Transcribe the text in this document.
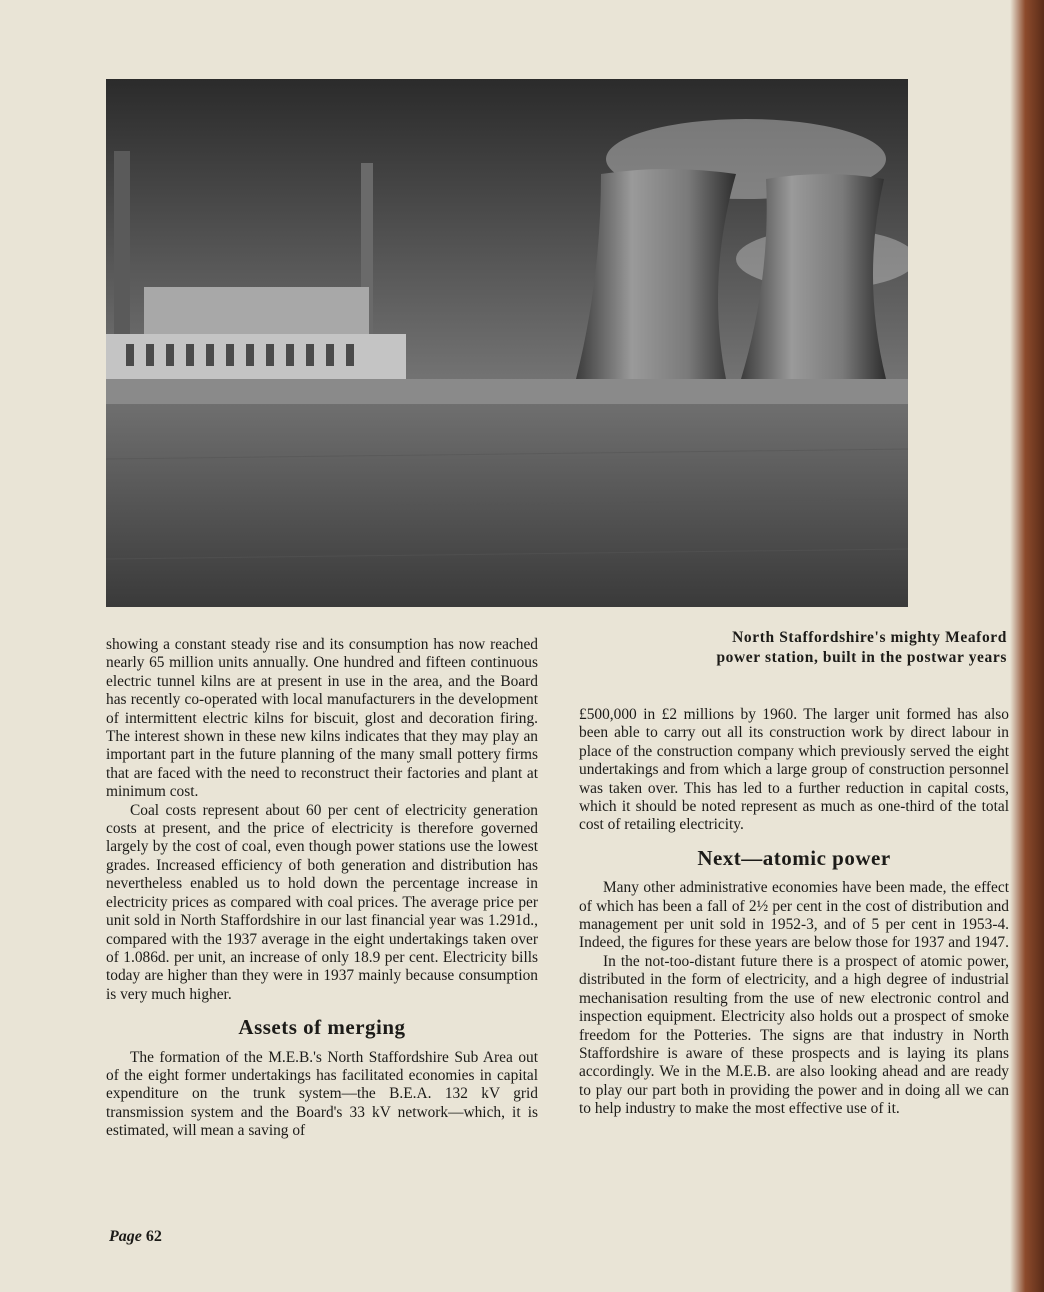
North Staffordshire's mighty Meaford
power station, built in the postwar years

showing a constant steady rise and its consumption has now reached nearly 65 million units annually. One hundred and fifteen continuous electric tunnel kilns are at present in use in the area, and the Board has recently co-operated with local manufacturers in the development of intermittent electric kilns for biscuit, glost and decoration firing. The interest shown in these new kilns indicates that they may play an important part in the future planning of the many small pottery firms that are faced with the need to reconstruct their factories and plant at minimum cost.

Coal costs represent about 60 per cent of electricity generation costs at present, and the price of electricity is therefore governed largely by the cost of coal, even though power stations use the lowest grades. Increased efficiency of both generation and distribution has nevertheless enabled us to hold down the percentage increase in electricity prices as compared with coal prices. The average price per unit sold in North Staffordshire in our last financial year was 1.291d., compared with the 1937 average in the eight undertakings taken over of 1.086d. per unit, an increase of only 18.9 per cent. Electricity bills today are higher than they were in 1937 mainly because consumption is very much higher.

Assets of merging

The formation of the M.E.B.'s North Staffordshire Sub Area out of the eight former undertakings has facilitated economies in capital expenditure on the trunk system—the B.E.A. 132 kV grid transmission system and the Board's 33 kV network—which, it is estimated, will mean a saving of

£500,000 in £2 millions by 1960. The larger unit formed has also been able to carry out all its construction work by direct labour in place of the construction company which previously served the eight undertakings and from which a large group of construction personnel was taken over. This has led to a further reduction in capital costs, which it should be noted represent as much as one-third of the total cost of retailing electricity.

Next—atomic power

Many other administrative economies have been made, the effect of which has been a fall of 2½ per cent in the cost of distribution and management per unit sold in 1952-3, and of 5 per cent in 1953-4. Indeed, the figures for these years are below those for 1937 and 1947.

In the not-too-distant future there is a prospect of atomic power, distributed in the form of electricity, and a high degree of industrial mechanisation resulting from the use of new electronic control and inspection equipment. Electricity also holds out a prospect of smoke freedom for the Potteries. The signs are that industry in North Staffordshire is aware of these prospects and is laying its plans accordingly. We in the M.E.B. are also looking ahead and are ready to play our part both in providing the power and in doing all we can to help industry to make the most effective use of it.

Page 62
